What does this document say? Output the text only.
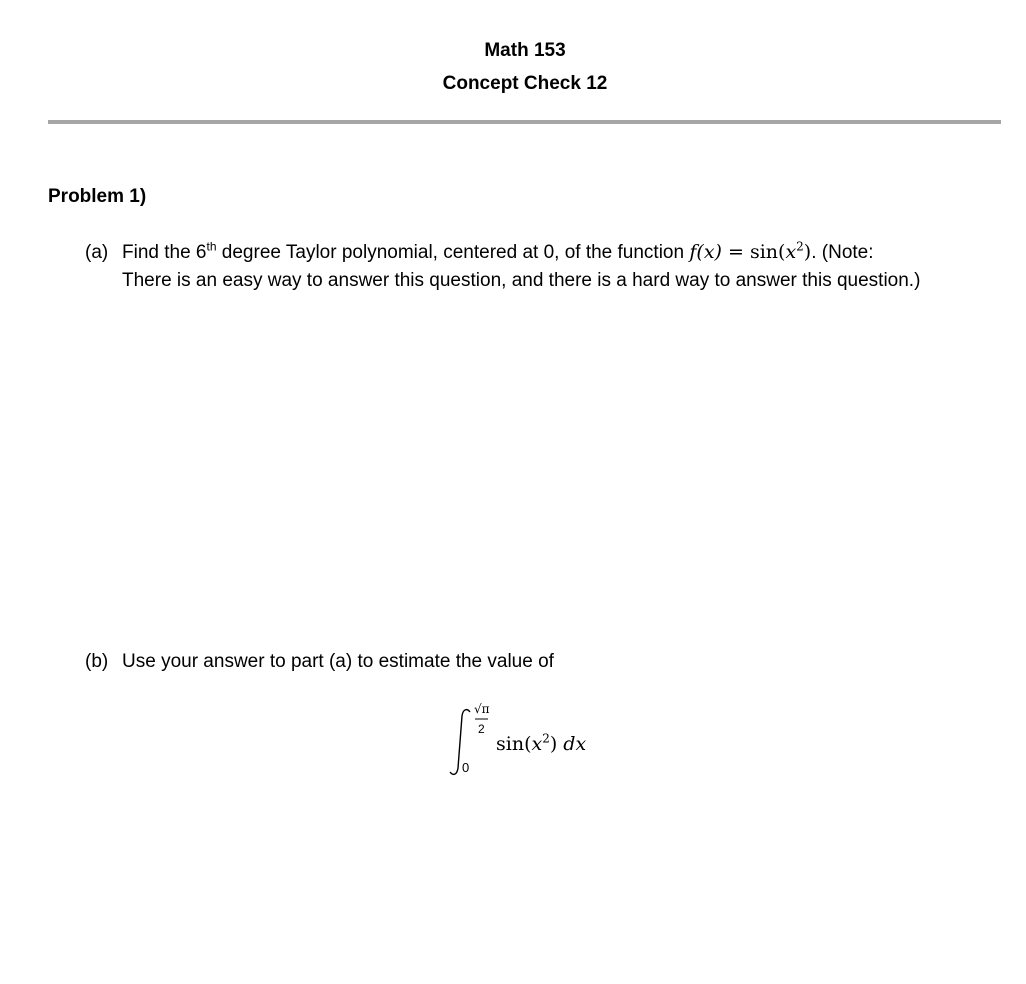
Math 153
Concept Check 12
Problem 1)
(a) Find the 6th degree Taylor polynomial, centered at 0, of the function $f(x) = \sin(x^2)$. (Note:
There is an easy way to answer this question, and there is a hard way to answer this question.)
(b) Use your answer to part (a) to estimate the value of
√π
2
0
$\sin(x^2)$ dx
